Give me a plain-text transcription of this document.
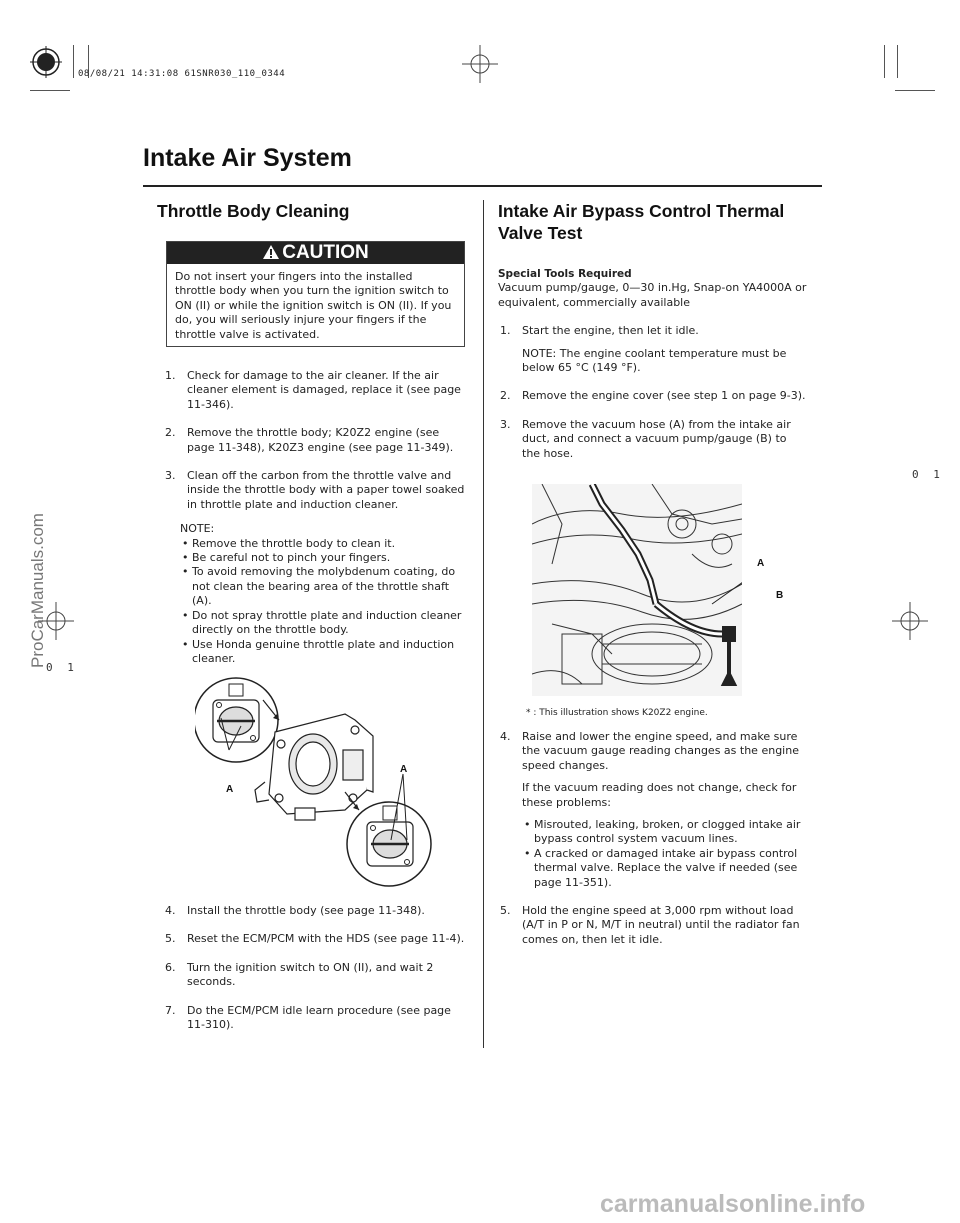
08/08/21 14:31:08 61SNR030_110_0344
ProCarManuals.com
0 1
0 1
Intake Air System
Throttle Body Cleaning
CAUTION
Do not insert your fingers into the installed throttle body when you turn the ignition switch to ON (II) or while the ignition switch is ON (II). If you do, you will seriously injure your fingers if the throttle valve is activated.
1. Check for damage to the air cleaner. If the air cleaner element is damaged, replace it (see page 11-346).
2. Remove the throttle body; K20Z2 engine (see page 11-348), K20Z3 engine (see page 11-349).
3. Clean off the carbon from the throttle valve and inside the throttle body with a paper towel soaked in throttle plate and induction cleaner.
NOTE:
• Remove the throttle body to clean it.
• Be careful not to pinch your fingers.
• To avoid removing the molybdenum coating, do not clean the bearing area of the throttle shaft (A).
• Do not spray throttle plate and induction cleaner directly on the throttle body.
• Use Honda genuine throttle plate and induction cleaner.
A
A
4. Install the throttle body (see page 11-348).
5. Reset the ECM/PCM with the HDS (see page 11-4).
6. Turn the ignition switch to ON (II), and wait 2 seconds.
7. Do the ECM/PCM idle learn procedure (see page 11-310).
Intake Air Bypass Control Thermal
Valve Test
Special Tools Required
Vacuum pump/gauge, 0—30 in.Hg, Snap-on YA4000A or equivalent, commercially available
1. Start the engine, then let it idle.
NOTE: The engine coolant temperature must be below 65 °C (149 °F).
2. Remove the engine cover (see step 1 on page 9-3).
3. Remove the vacuum hose (A) from the intake air duct, and connect a vacuum pump/gauge (B) to the hose.
A
B
* : This illustration shows K20Z2 engine.
4. Raise and lower the engine speed, and make sure the vacuum gauge reading changes as the engine speed changes.
If the vacuum reading does not change, check for these problems:
• Misrouted, leaking, broken, or clogged intake air bypass control system vacuum lines.
• A cracked or damaged intake air bypass control thermal valve. Replace the valve if needed (see page 11-351).
5. Hold the engine speed at 3,000 rpm without load (A/T in P or N, M/T in neutral) until the radiator fan comes on, then let it idle.
carmanualsonline.info
